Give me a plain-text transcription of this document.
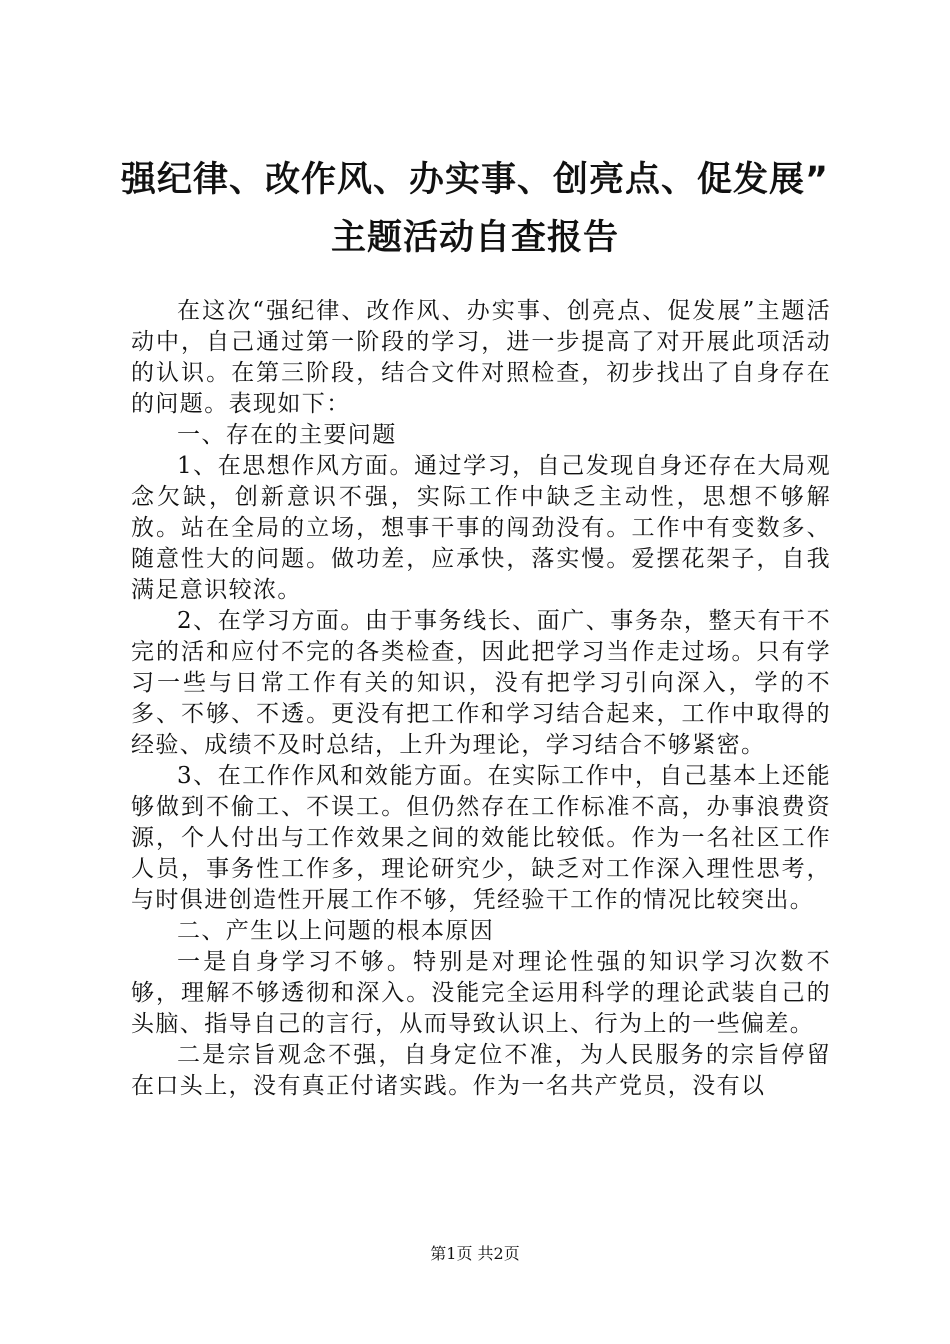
强纪律、改作风、办实事、创亮点、促发展”
主题活动自查报告

在这次“强纪律、改作风、办实事、创亮点、促发展”主题活动中，自己通过第一阶段的学习，进一步提高了对开展此项活动的认识。在第三阶段，结合文件对照检查，初步找出了自身存在的问题。表现如下：

一、存在的主要问题

1、在思想作风方面。通过学习，自己发现自身还存在大局观念欠缺，创新意识不强，实际工作中缺乏主动性，思想不够解放。站在全局的立场，想事干事的闯劲没有。工作中有变数多、随意性大的问题。做功差，应承快，落实慢。爱摆花架子，自我满足意识较浓。

2、在学习方面。由于事务线长、面广、事务杂，整天有干不完的活和应付不完的各类检查，因此把学习当作走过场。只有学习一些与日常工作有关的知识，没有把学习引向深入，学的不多、不够、不透。更没有把工作和学习结合起来，工作中取得的经验、成绩不及时总结，上升为理论，学习结合不够紧密。

3、在工作作风和效能方面。在实际工作中，自己基本上还能够做到不偷工、不误工。但仍然存在工作标准不高，办事浪费资源，个人付出与工作效果之间的效能比较低。作为一名社区工作人员，事务性工作多，理论研究少，缺乏对工作深入理性思考，与时俱进创造性开展工作不够，凭经验干工作的情况比较突出。

二、产生以上问题的根本原因

一是自身学习不够。特别是对理论性强的知识学习次数不够，理解不够透彻和深入。没能完全运用科学的理论武装自己的头脑、指导自己的言行，从而导致认识上、行为上的一些偏差。

二是宗旨观念不强，自身定位不准，为人民服务的宗旨停留在口头上，没有真正付诸实践。作为一名共产党员，没有以

第1页 共2页
